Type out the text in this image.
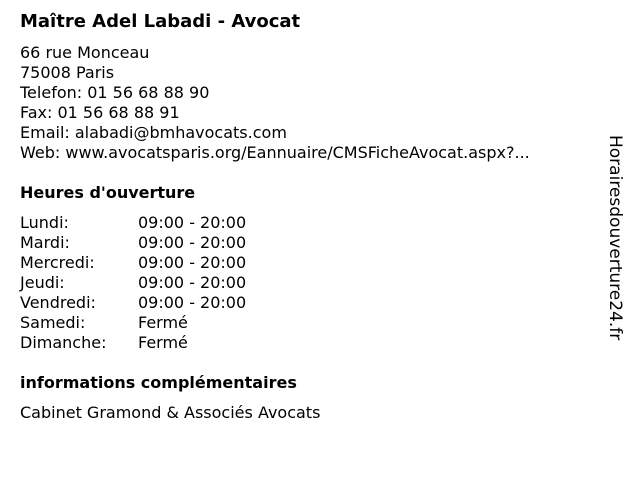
Maître Adel Labadi - Avocat
66 rue Monceau
75008 Paris
Telefon: 01 56 68 88 90
Fax: 01 56 68 88 91
Email: alabadi@bmhavocats.com
Web: www.avocatsparis.org/Eannuaire/CMSFicheAvocat.aspx?...
Heures d'ouverture
Lundi:	09:00 - 20:00
Mardi:	09:00 - 20:00
Mercredi:	09:00 - 20:00
Jeudi:	09:00 - 20:00
Vendredi:	09:00 - 20:00
Samedi:	Fermé
Dimanche:	Fermé
informations complémentaires
Cabinet Gramond & Associés Avocats
Horairesdouverture24.fr
